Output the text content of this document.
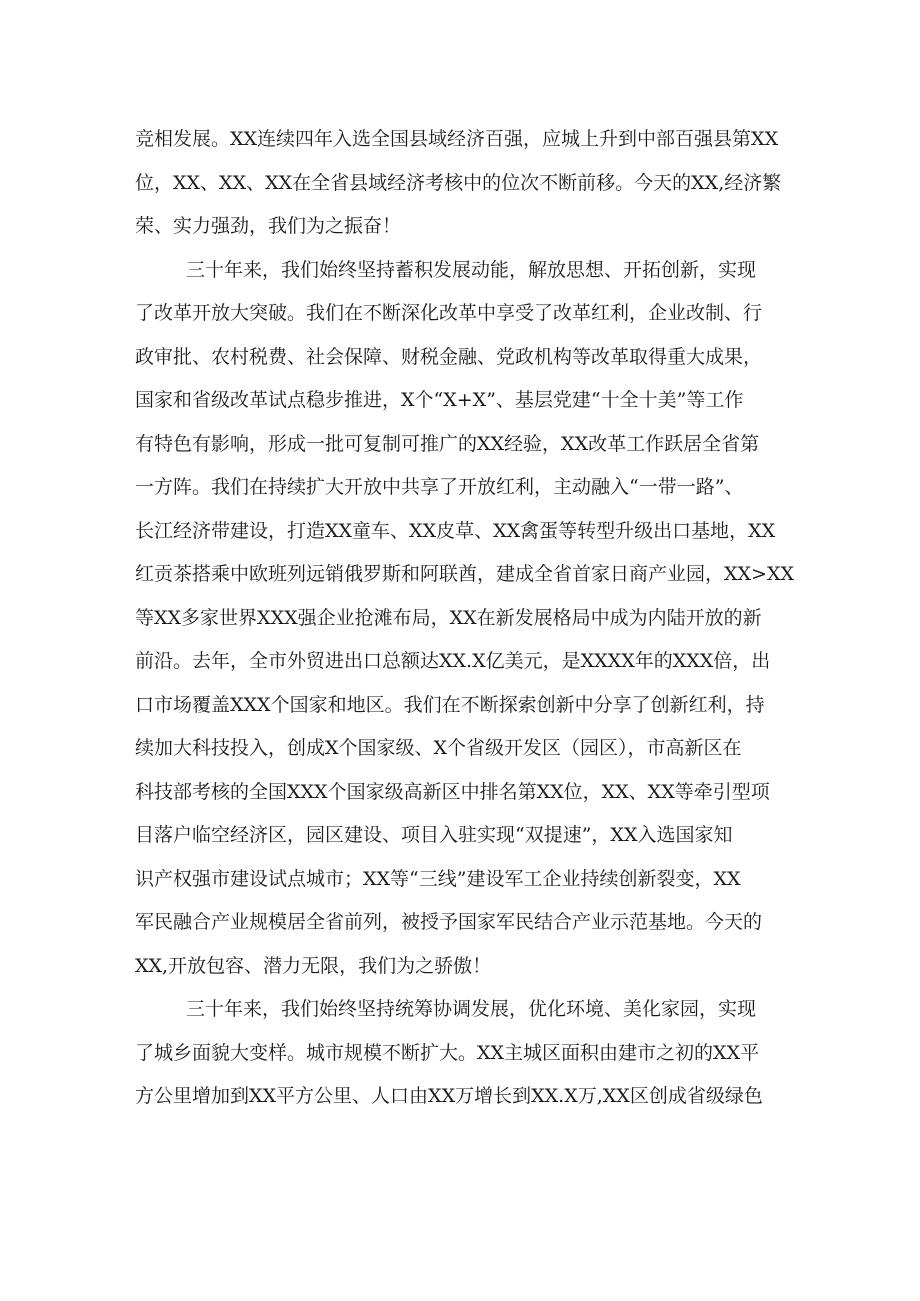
竞相发展。XX连续四年入选全国县域经济百强，应城上升到中部百强县第XX
位，XX、XX、XX在全省县域经济考核中的位次不断前移。今天的XX,经济繁
荣、实力强劲，我们为之振奋！
三十年来，我们始终坚持蓄积发展动能，解放思想、开拓创新，实现
了改革开放大突破。我们在不断深化改革中享受了改革红利，企业改制、行
政审批、农村税费、社会保障、财税金融、党政机构等改革取得重大成果，
国家和省级改革试点稳步推进，X个“X+X”、基层党建“十全十美”等工作
有特色有影响，形成一批可复制可推广的XX经验，XX改革工作跃居全省第
一方阵。我们在持续扩大开放中共享了开放红利，主动融入“一带一路”、
长江经济带建设，打造XX童车、XX皮草、XX禽蛋等转型升级出口基地，XX
红贡茶搭乘中欧班列远销俄罗斯和阿联酋，建成全省首家日商产业园，XX>XX
等XX多家世界XXX强企业抢滩布局，XX在新发展格局中成为内陆开放的新
前沿。去年，全市外贸进出口总额达XX.X亿美元，是XXXX年的XXX倍，出
口市场覆盖XXX个国家和地区。我们在不断探索创新中分享了创新红利，持
续加大科技投入，创成X个国家级、X个省级开发区（园区），市高新区在
科技部考核的全国XXX个国家级高新区中排名第XX位，XX、XX等牵引型项
目落户临空经济区，园区建设、项目入驻实现“双提速”，XX入选国家知
识产权强市建设试点城市；XX等“三线”建设军工企业持续创新裂变，XX
军民融合产业规模居全省前列，被授予国家军民结合产业示范基地。今天的
XX,开放包容、潜力无限，我们为之骄傲！
三十年来，我们始终坚持统筹协调发展，优化环境、美化家园，实现
了城乡面貌大变样。城市规模不断扩大。XX主城区面积由建市之初的XX平
方公里增加到XX平方公里、人口由XX万增长到XX.X万,XX区创成省级绿色
